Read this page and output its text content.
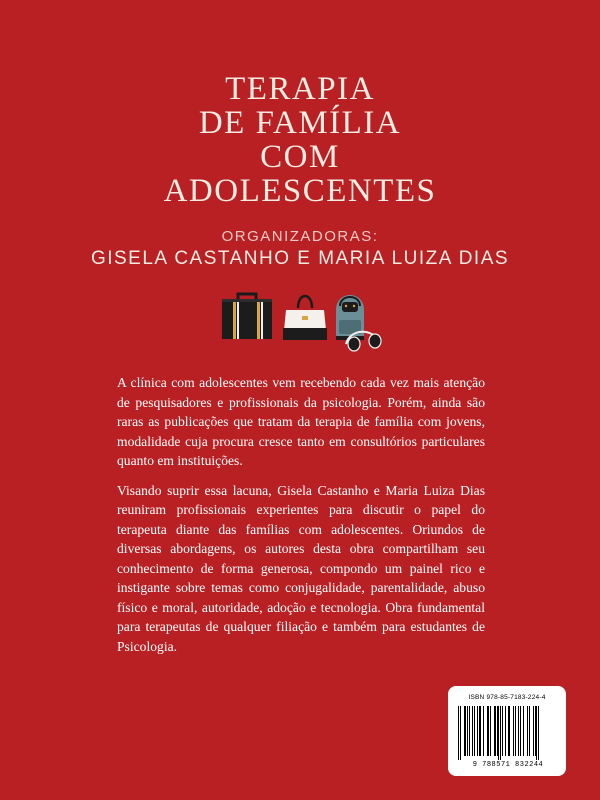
TERAPIA
DE FAMÍLIA
COM
ADOLESCENTES
ORGANIZADORAS:
GISELA CASTANHO E MARIA LUIZA DIAS

A clínica com adolescentes vem recebendo cada vez mais atenção de pesquisadores e profissionais da psicologia. Porém, ainda são raras as publicações que tratam da terapia de família com jovens, modalidade cuja procura cresce tanto em consultórios particulares quanto em instituições.

Visando suprir essa lacuna, Gisela Castanho e Maria Luiza Dias reuniram profissionais experientes para discutir o papel do terapeuta diante das famílias com adolescentes. Oriundos de diversas abordagens, os autores desta obra compartilham seu conhecimento de forma generosa, compondo um painel rico e instigante sobre temas como conjugalidade, parentalidade, abuso físico e moral, autoridade, adoção e tecnologia. Obra fundamental para terapeutas de qualquer filiação e também para estudantes de Psicologia.

ISBN 978-85-7183-224-4
9 788571 832244
